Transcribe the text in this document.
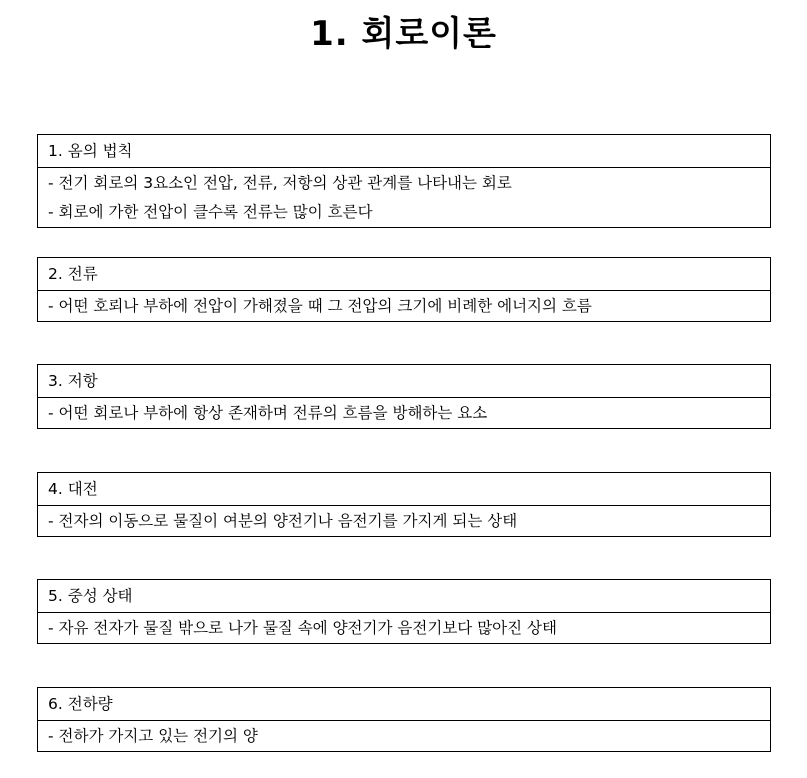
1. 회로이론
1. 옴의 법칙
- 전기 회로의 3요소인 전압, 전류, 저항의 상관 관계를 나타내는 회로
- 회로에 가한 전압이 클수록 전류는 많이 흐른다
2. 전류
- 어떤 호뢰나 부하에 전압이 가해졌을 때 그 전압의 크기에 비례한 에너지의 흐름
3. 저항
- 어떤 회로나 부하에 항상 존재하며 전류의 흐름을 방해하는 요소
4. 대전
- 전자의 이동으로 물질이 여분의 양전기나 음전기를 가지게 되는 상태
5. 중성 상태
- 자유 전자가 물질 밖으로 나가 물질 속에 양전기가 음전기보다 많아진 상태
6. 전하량
- 전하가 가지고 있는 전기의 양
